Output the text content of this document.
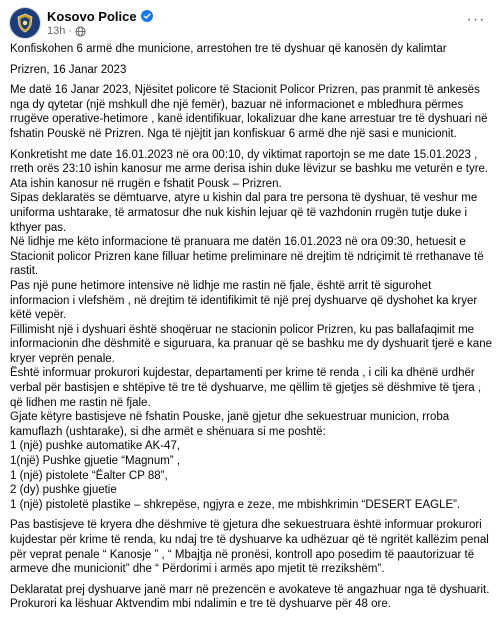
Kosovo Police
13h ·
···

Konfiskohen 6 armë dhe municione, arrestohen tre të dyshuar që kanosën dy kalimtar

Prizren, 16 Janar 2023

Me datë 16 Janar 2023, Njësitet policore të Stacionit Policor Prizren, pas pranmit të ankesës nga dy qytetar (një mshkull dhe një femër), bazuar në informacionet e mbledhura përmes rrugëve operative-hetimore , kanë identifikuar, lokalizuar dhe kane arrestuar tre të dyshuari në fshatin Pouskë në Prizren. Nga të njëjtit jan konfiskuar 6 armë dhe një sasi e municionit.

Konkretisht me date 16.01.2023 në ora 00:10, dy viktimat raportojn se me date 15.01.2023 , rreth orës 23:10 ishin kanosur me arme derisa ishin duke lëvizur se bashku me veturën e tyre.
Ata ishin kanosur në rrugën e fshatit Pousk – Prizren.
Sipas deklaratës se dëmtuarve, atyre u kishin dal para tre persona të dyshuar, të veshur me uniforma ushtarake, të armatosur dhe nuk kishin lejuar që të vazhdonin rrugën tutje duke i kthyer pas.
Në lidhje me këto informacione të pranuara me datën 16.01.2023 në ora 09:30, hetuesit e Stacionit policor Prizren kane filluar hetime preliminare në drejtim të ndriçimit të rrethanave të rastit.
Pas një pune hetimore intensive në lidhje me rastin në fjale, është arrit të sigurohet informacion i vlefshëm , në drejtim të identifikimit të një prej dyshuarve që dyshohet ka kryer këtë vepër.
Fillimisht një i dyshuari është shoqëruar ne stacionin policor Prizren, ku pas ballafaqimit me informacionin dhe dëshmitë e siguruara, ka pranuar që se bashku me dy dyshuarit tjerë e kane kryer veprën penale.
Është informuar prokurori kujdestar, departamenti per krime të renda , i cili ka dhënë urdhër verbal për bastisjen e shtëpive të tre të dyshuarve, me qëllim të gjetjes së dëshmive të tjera , që lidhen me rastin në fjale.
Gjate këtyre bastisjeve në fshatin Pouske, janë gjetur dhe sekuestruar municion, rroba kamuflazh (ushtarake), si dhe armët e shënuara si me poshtë:
1 (një) pushke automatike AK-47,
1(një) Pushke gjuetie “Magnum” ,
1 (një) pistolete “Ëalter CP 88”,
2 (dy) pushke gjuetie
1 (një) pistoletë plastike – shkrepëse, ngjyra e zeze, me mbishkrimin “DESERT EAGLE”.

Pas bastisjeve të kryera dhe dëshmive të gjetura dhe sekuestruara është informuar prokurori kujdestar për krime të renda, ku ndaj tre të dyshuarve ka udhëzuar që të ngritët kallëzim penal për veprat penale “ Kanosje ” , “ Mbajtja në pronësi, kontroll apo posedim të paautorizuar të armeve dhe municionit” dhe “ Përdorimi i armës apo mjetit të rrezikshëm”.

Deklaratat prej dyshuarve janë marr në prezencën e avokateve të angazhuar nga të dyshuarit.
Prokurori ka lëshuar Aktvendim mbi ndalimin e tre të dyshuarve për 48 ore.
